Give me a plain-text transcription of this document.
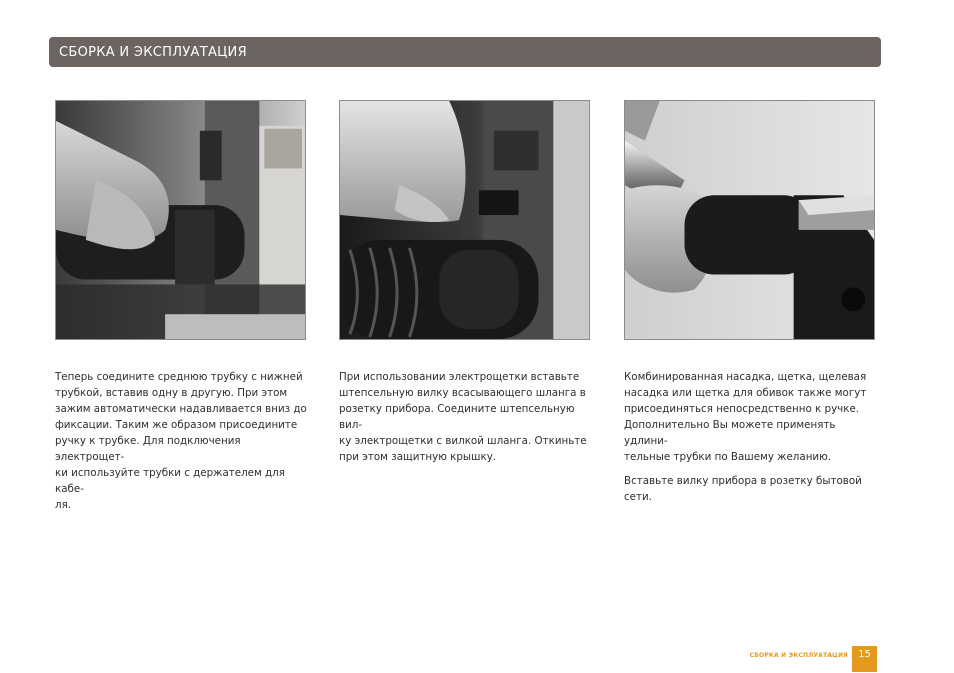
СБОРКА И ЭКСПЛУАТАЦИЯ

Теперь соедините среднюю трубку с нижней
трубкой, вставив одну в другую. При этом
зажим автоматически надавливается вниз до
фиксации. Таким же образом присоедините
ручку к трубке. Для подключения электрощет-
ки используйте трубки с держателем для кабе-
ля.

При использовании электрощетки вставьте
штепсельную вилку всасывающего шланга в
розетку прибора. Соедините штепсельную вил-
ку электрощетки с вилкой шланга. Откиньте
при этом защитную крышку.

Комбинированная насадка, щетка, щелевая
насадка или щетка для обивок также могут
присоединяться непосредственно к ручке.
Дополнительно Вы можете применять удлини-
тельные трубки по Вашему желанию.

Вставьте вилку прибора в розетку бытовой
сети.

СБОРКА И ЭКСПЛУАТАЦИЯ	15
